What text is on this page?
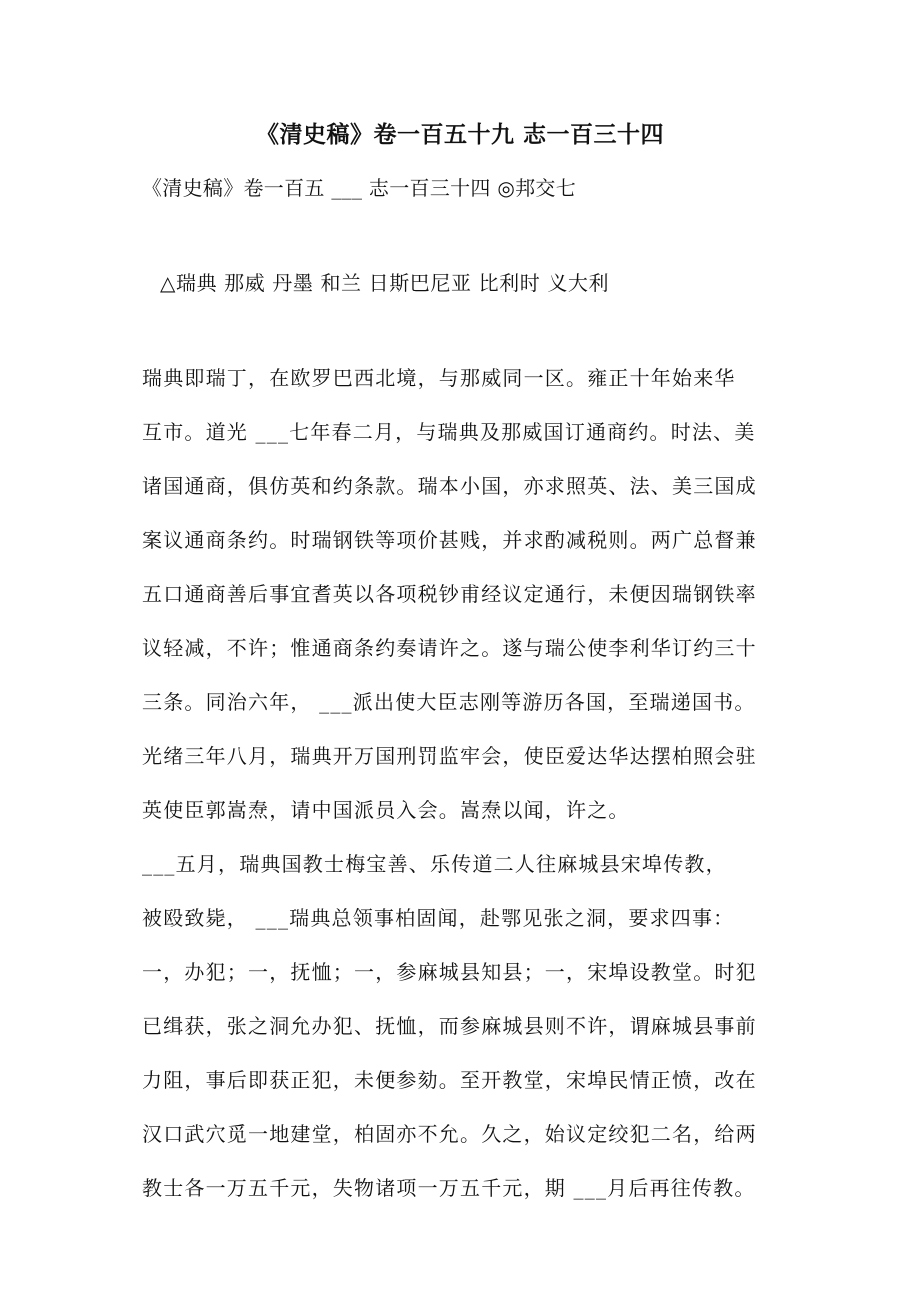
《清史稿》卷一百五十九 志一百三十四
《清史稿》卷一百五 ___ 志一百三十四 ◎邦交七
△瑞典 那威 丹墨 和兰 日斯巴尼亚 比利时 义大利
瑞典即瑞丁，在欧罗巴西北境，与那威同一区。雍正十年始来华
互市。道光 ___七年春二月，与瑞典及那威国订通商约。时法、美
诸国通商，俱仿英和约条款。瑞本小国，亦求照英、法、美三国成
案议通商条约。时瑞钢铁等项价甚贱，并求酌减税则。两广总督兼
五口通商善后事宜耆英以各项税钞甫经议定通行，未便因瑞钢铁率
议轻减，不许；惟通商条约奏请许之。遂与瑞公使李利华订约三十
三条。同治六年， ___派出使大臣志刚等游历各国，至瑞递国书。
光绪三年八月，瑞典开万国刑罚监牢会，使臣爱达华达摆柏照会驻
英使臣郭嵩焘，请中国派员入会。嵩焘以闻，许之。
___五月，瑞典国教士梅宝善、乐传道二人往麻城县宋埠传教，
被殴致毙， ___瑞典总领事柏固闻，赴鄂见张之洞，要求四事：
一，办犯；一，抚恤；一，参麻城县知县；一，宋埠设教堂。时犯
已缉获，张之洞允办犯、抚恤，而参麻城县则不许，谓麻城县事前
力阻，事后即获正犯，未便参劾。至开教堂，宋埠民情正愤，改在
汉口武穴觅一地建堂，柏固亦不允。久之，始议定绞犯二名，给两
教士各一万五千元，失物诸项一万五千元，期 ___月后再往传教。
